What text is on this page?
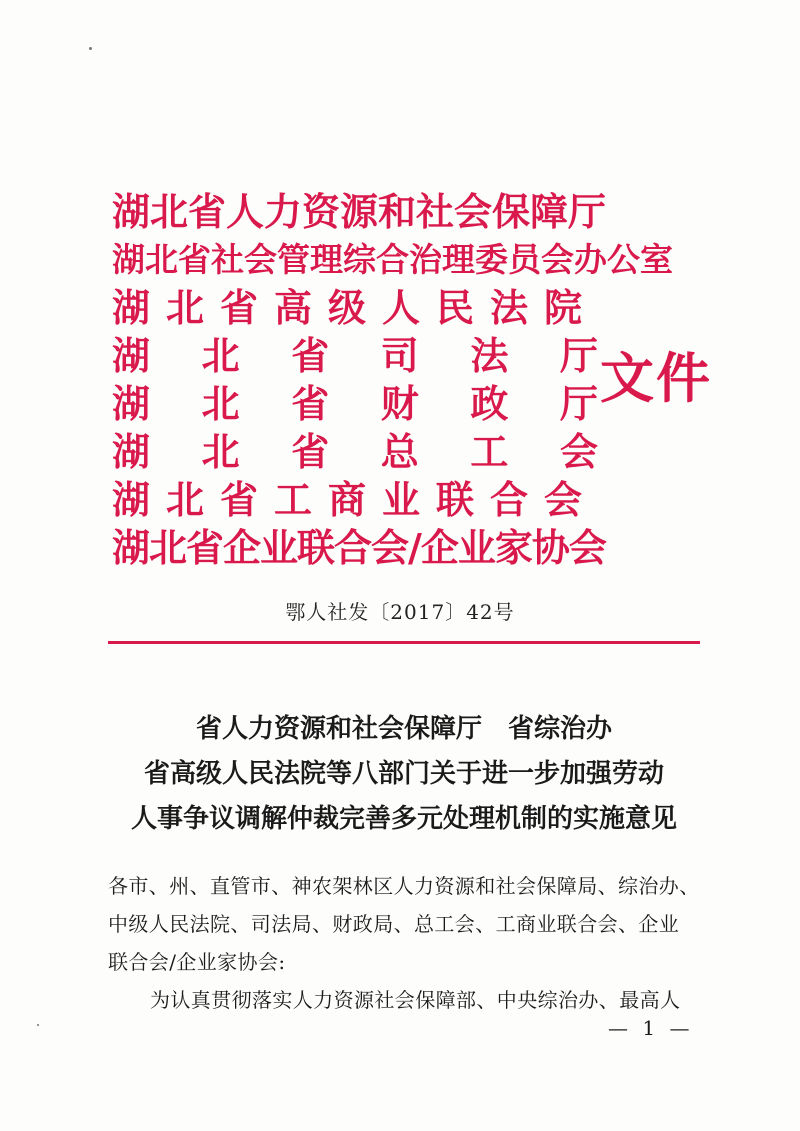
湖北省人力资源和社会保障厅
湖北省社会管理综合治理委员会办公室
湖北省高级人民法院
湖 北 省 司 法 厅
湖 北 省 财 政 厅
湖 北 省 总 工 会
湖北省工商业联合会
湖北省企业联合会/企业家协会
文件
鄂人社发〔2017〕42号
省人力资源和社会保障厅　省综治办
省高级人民法院等八部门关于进一步加强劳动
人事争议调解仲裁完善多元处理机制的实施意见
各市、州、直管市、神农架林区人力资源和社会保障局、综治办、
中级人民法院、司法局、财政局、总工会、工商业联合会、企业
联合会/企业家协会:
为认真贯彻落实人力资源社会保障部、中央综治办、最高人
— 1 —
